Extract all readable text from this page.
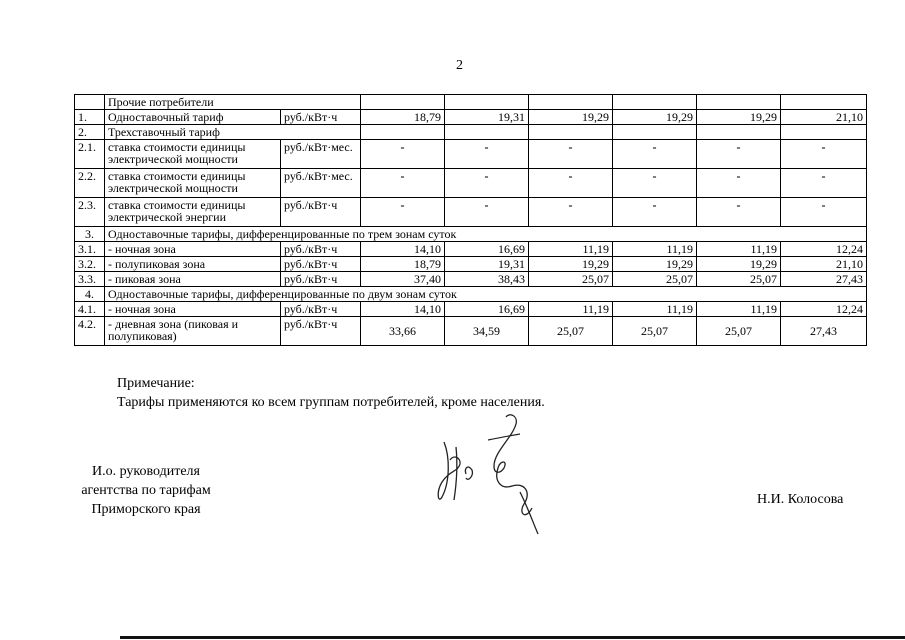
2
	Прочие потребители							
1.	Одноставочный тариф	руб./кВт·ч	18,79	19,31	19,29	19,29	19,29	21,10
2.	Трехставочный тариф							
2.1.	ставка стоимости единицы электрической мощности	руб./кВт·мес.	-	-	-	-	-	-
2.2.	ставка стоимости единицы электрической мощности	руб./кВт·мес.	-	-	-	-	-	-
2.3.	ставка стоимости единицы электрической энергии	руб./кВт·ч	-	-	-	-	-	-
3.	Одноставочные тарифы, дифференцированные по трем зонам суток							
3.1.	- ночная зона	руб./кВт·ч	14,10	16,69	11,19	11,19	11,19	12,24
3.2.	- полупиковая зона	руб./кВт·ч	18,79	19,31	19,29	19,29	19,29	21,10
3.3.	- пиковая зона	руб./кВт·ч	37,40	38,43	25,07	25,07	25,07	27,43
4.	Одноставочные тарифы, дифференцированные по двум зонам суток							
4.1.	- ночная зона	руб./кВт·ч	14,10	16,69	11,19	11,19	11,19	12,24
4.2.	- дневная зона (пиковая и полупиковая)	руб./кВт·ч	33,66	34,59	25,07	25,07	25,07	27,43
Примечание:
Тарифы применяются ко всем группам потребителей, кроме населения.
И.о. руководителя
агентства по тарифам
Приморского края
Н.И. Колосова
